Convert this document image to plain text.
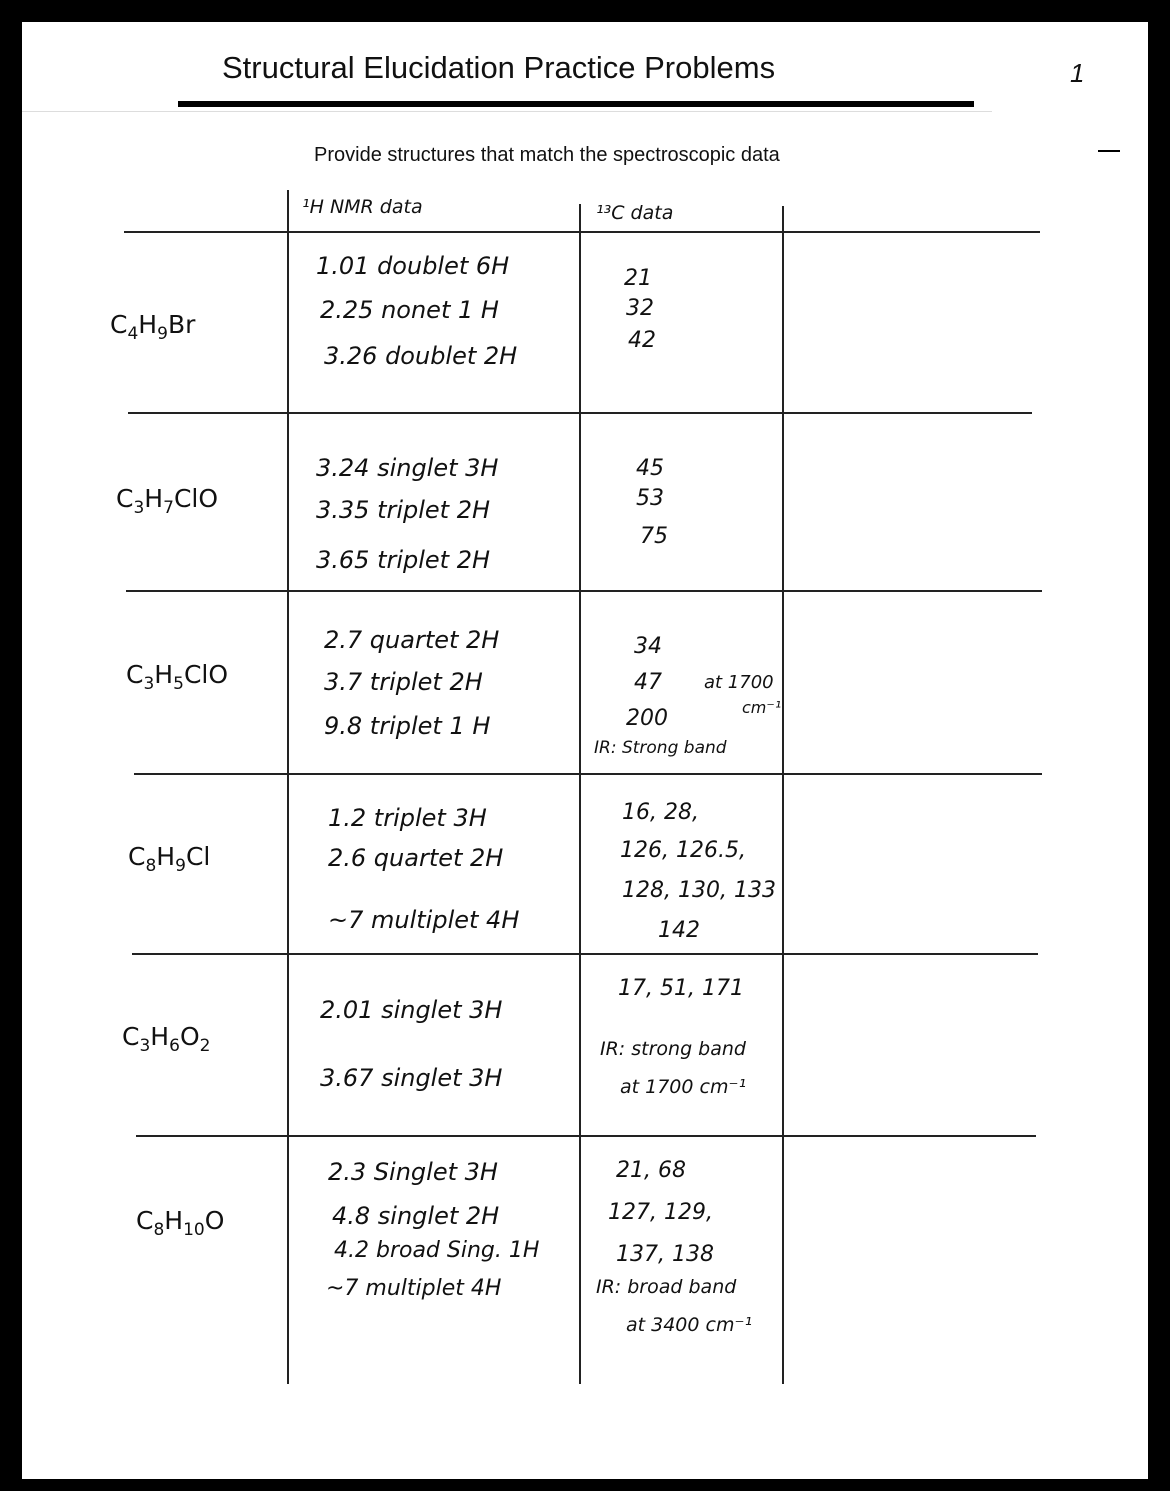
Structural Elucidation Practice Problems	1
Provide structures that match the spectroscopic data
¹H NMR data	¹³C data
$C_4H_9Br$
1.01 doublet 6H
2.25 nonet 1 H
3.26 doublet 2H
21
32
42
$C_3H_7ClO$
3.24 singlet 3H
3.35 triplet 2H
3.65 triplet 2H
45
53
75
$C_3H_5ClO$
2.7 quartet 2H
3.7 triplet 2H
9.8 triplet 1 H
34
47
200
at 1700
cm⁻¹
IR: Strong band
$C_8H_9Cl$
1.2 triplet 3H
2.6 quartet 2H
~7 multiplet 4H
16, 28,
126, 126.5,
128, 130, 133
142
$C_3H_6O_2$
2.01 singlet 3H
3.67 singlet 3H
17, 51, 171
IR: strong band
at 1700 cm⁻¹
$C_8H_{10}O$
2.3 Singlet 3H
4.8 singlet 2H
4.2 broad Sing. 1H
~7 multiplet 4H
21, 68
127, 129,
137, 138
IR: broad band
at 3400 cm⁻¹
